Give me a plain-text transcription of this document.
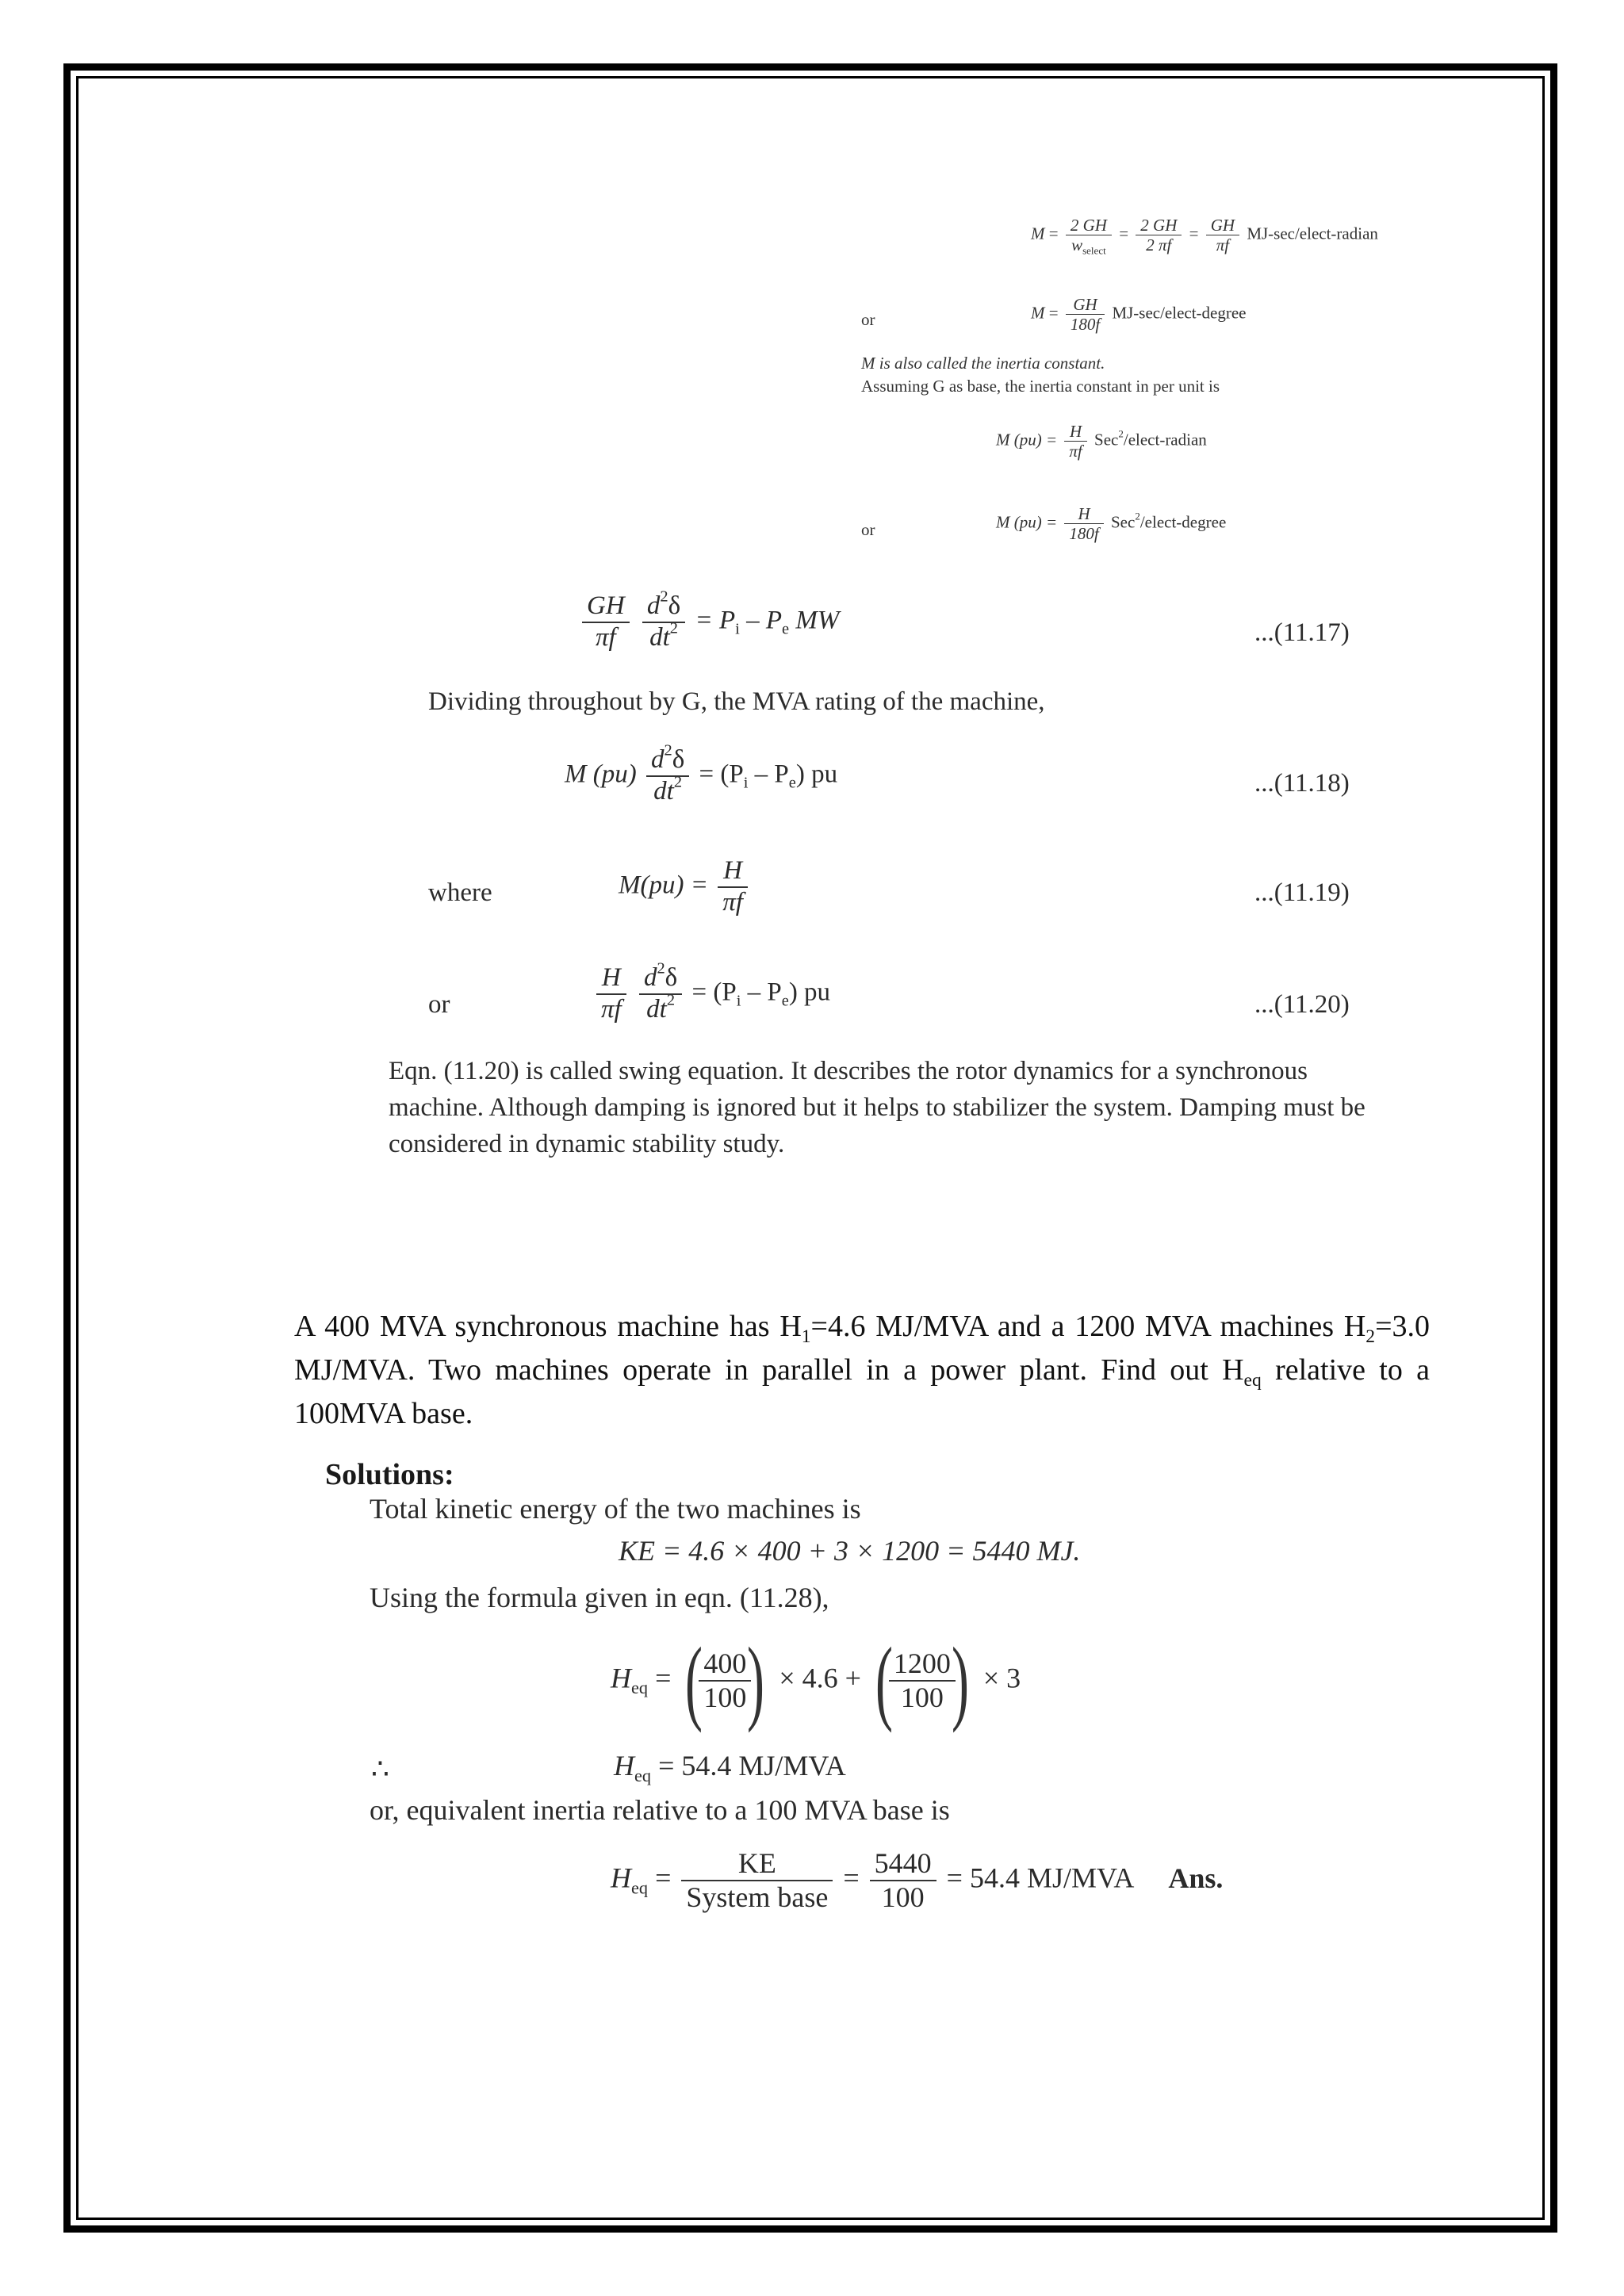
$M = \frac{2 GH}{w_{select}} = \frac{2 GH}{2 \pi f} = \frac{GH}{\pi f}$ MJ-sec/elect-radian
or	$M = \frac{GH}{180f}$ MJ-sec/elect-degree
M is also called the inertia constant.
Assuming G as base, the inertia constant in per unit is
M $(pu) = \frac{H}{\pi f}$ Sec$^2$/elect-radian
or	M $(pu) = \frac{H}{180f}$ Sec$^2$/elect-degree
$\frac{GH}{\pi f}$
$\frac{d^2\delta}{dt^2} = P_i - P_e$ MW	...(11.17)
Dividing throughout by G, the MVA rating of the machine,
M $(pu) \frac{d^2\delta}{dt^2} = (P_i - P_e)$ pu	...(11.18)
where	$M(pu) = \frac{H}{\pi f}$	...(11.19)
or	$\frac{H}{\pi f}$
$\frac{d^2\delta}{dt^2} = (P_i - P_e)$ pu	...(11.20)
Eqn. (11.20) is called swing equation. It describes the rotor dynamics for a synchronous
machine. Although damping is ignored but it helps to stabilizer the system. Damping must be
considered in dynamic stability study.
A 400 MVA synchronous machine has $H_1=4.6$ MJ/MVA and a 1200 MVA machines $H_2=3.0$ MJ/MVA. Two machines operate in parallel in a power plant. Find out $H_{eq}$ relative to a 100MVA base.
Solutions:
Total kinetic energy of the two machines is
KE = 4.6 × 400 + 3 × 1200 = 5440 MJ.
Using the formula given in eqn. (11.28),
$H_{eq}$ = (
$\frac{400}{100}$
) × 4.6 + (
$\frac{1200}{100}$
) × 3
∴	$H_{eq} = 54.4$ MJ/MVA
or, equivalent inertia relative to a 100 MVA base is
$H_{eq} = \frac{KE}{\text{System base}} = \frac{5440}{100} = 54.4$ MJ/MVA Ans.
